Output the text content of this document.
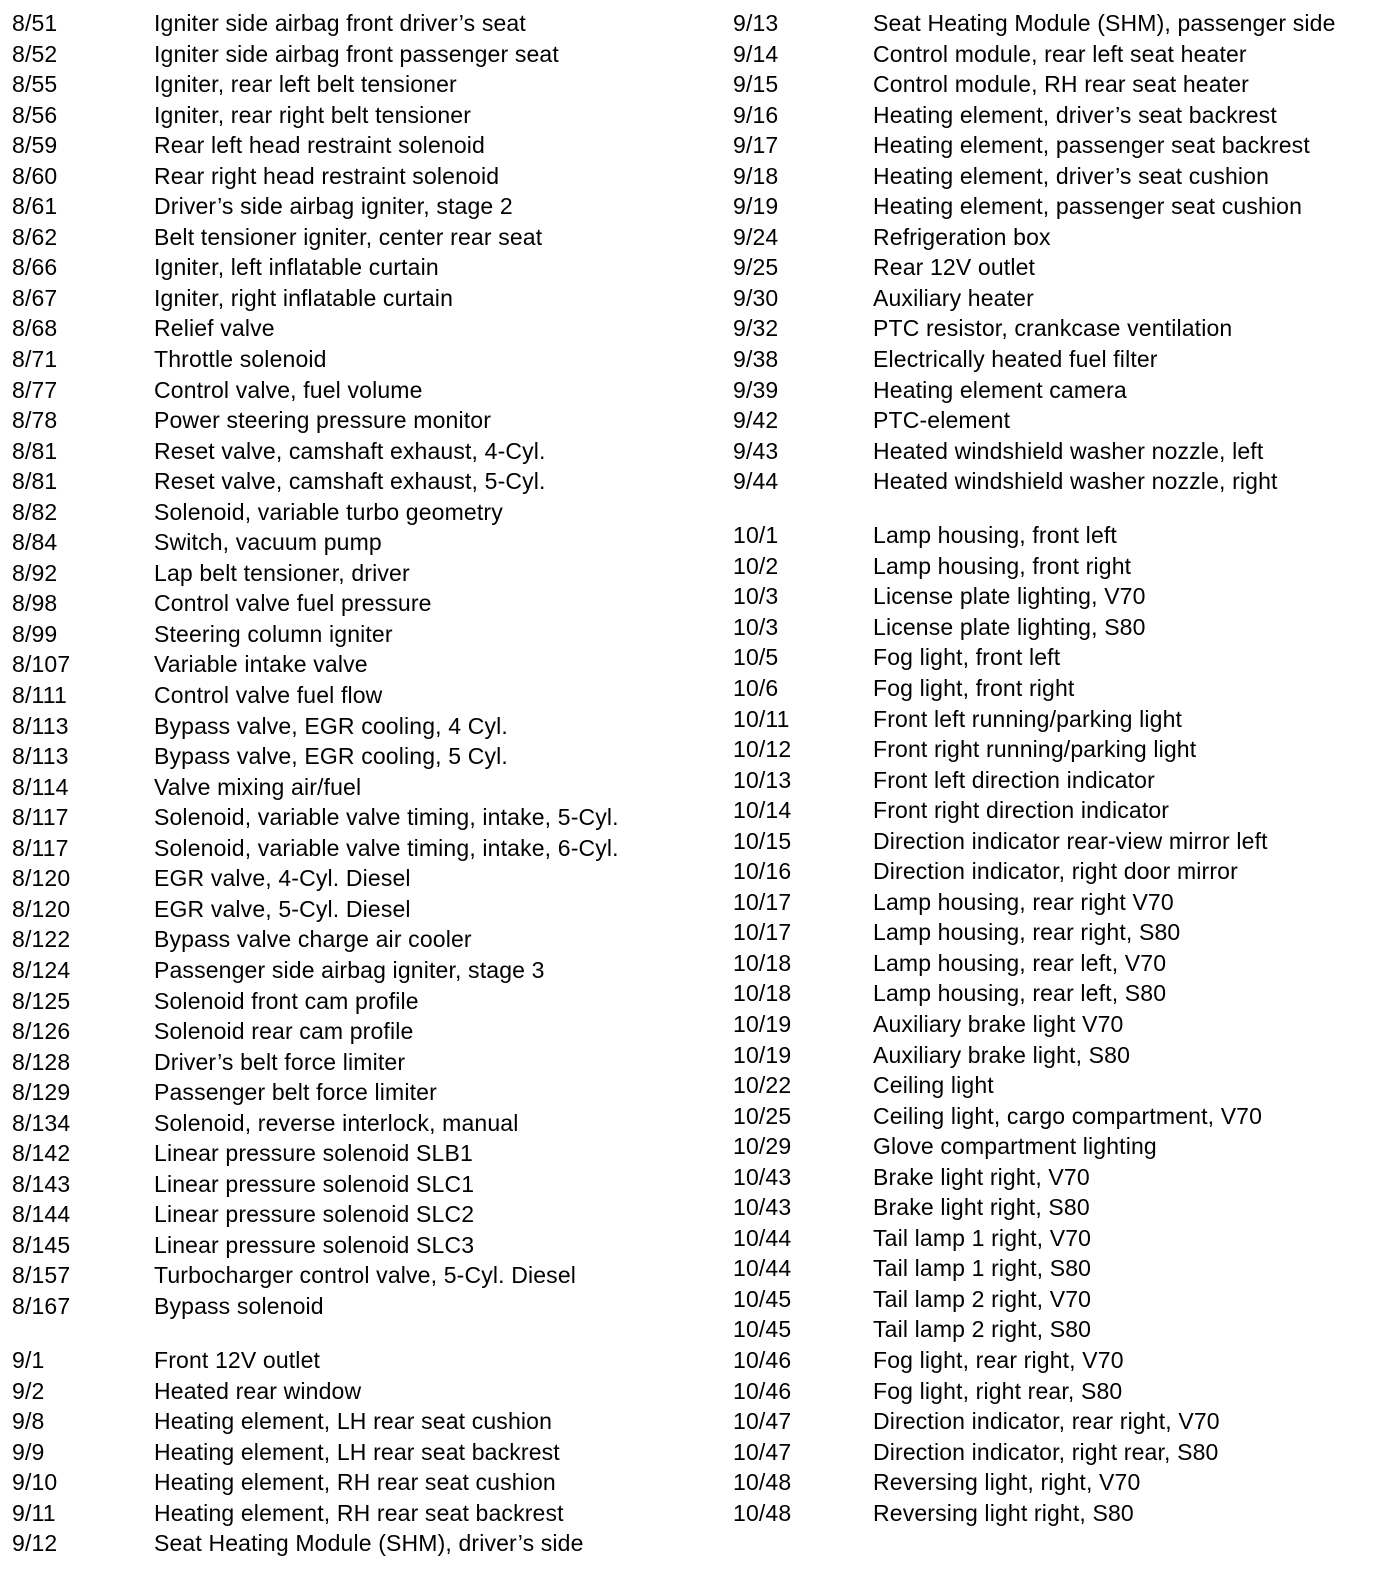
8/51	Igniter side airbag front driver’s seat
8/52	Igniter side airbag front passenger seat
8/55	Igniter, rear left belt tensioner
8/56	Igniter, rear right belt tensioner
8/59	Rear left head restraint solenoid
8/60	Rear right head restraint solenoid
8/61	Driver’s side airbag igniter, stage 2
8/62	Belt tensioner igniter, center rear seat
8/66	Igniter, left inflatable curtain
8/67	Igniter, right inflatable curtain
8/68	Relief valve
8/71	Throttle solenoid
8/77	Control valve, fuel volume
8/78	Power steering pressure monitor
8/81	Reset valve, camshaft exhaust, 4-Cyl.
8/81	Reset valve, camshaft exhaust, 5-Cyl.
8/82	Solenoid, variable turbo geometry
8/84	Switch, vacuum pump
8/92	Lap belt tensioner, driver
8/98	Control valve fuel pressure
8/99	Steering column igniter
8/107	Variable intake valve
8/111	Control valve fuel flow
8/113	Bypass valve, EGR cooling, 4 Cyl.
8/113	Bypass valve, EGR cooling, 5 Cyl.
8/114	Valve mixing air/fuel
8/117	Solenoid, variable valve timing, intake, 5-Cyl.
8/117	Solenoid, variable valve timing, intake, 6-Cyl.
8/120	EGR valve, 4-Cyl. Diesel
8/120	EGR valve, 5-Cyl. Diesel
8/122	Bypass valve charge air cooler
8/124	Passenger side airbag igniter, stage 3
8/125	Solenoid front cam profile
8/126	Solenoid rear cam profile
8/128	Driver’s belt force limiter
8/129	Passenger belt force limiter
8/134	Solenoid, reverse interlock, manual
8/142	Linear pressure solenoid SLB1
8/143	Linear pressure solenoid SLC1
8/144	Linear pressure solenoid SLC2
8/145	Linear pressure solenoid SLC3
8/157	Turbocharger control valve, 5-Cyl. Diesel
8/167	Bypass solenoid
9/1	Front 12V outlet
9/2	Heated rear window
9/8	Heating element, LH rear seat cushion
9/9	Heating element, LH rear seat backrest
9/10	Heating element, RH rear seat cushion
9/11	Heating element, RH rear seat backrest
9/12	Seat Heating Module (SHM), driver’s side
9/13	Seat Heating Module (SHM), passenger side
9/14	Control module, rear left seat heater
9/15	Control module, RH rear seat heater
9/16	Heating element, driver’s seat backrest
9/17	Heating element, passenger seat backrest
9/18	Heating element, driver’s seat cushion
9/19	Heating element, passenger seat cushion
9/24	Refrigeration box
9/25	Rear 12V outlet
9/30	Auxiliary heater
9/32	PTC resistor, crankcase ventilation
9/38	Electrically heated fuel filter
9/39	Heating element camera
9/42	PTC-element
9/43	Heated windshield washer nozzle, left
9/44	Heated windshield washer nozzle, right
10/1	Lamp housing, front left
10/2	Lamp housing, front right
10/3	License plate lighting, V70
10/3	License plate lighting, S80
10/5	Fog light, front left
10/6	Fog light, front right
10/11	Front left running/parking light
10/12	Front right running/parking light
10/13	Front left direction indicator
10/14	Front right direction indicator
10/15	Direction indicator rear-view mirror left
10/16	Direction indicator, right door mirror
10/17	Lamp housing, rear right V70
10/17	Lamp housing, rear right, S80
10/18	Lamp housing, rear left, V70
10/18	Lamp housing, rear left, S80
10/19	Auxiliary brake light V70
10/19	Auxiliary brake light, S80
10/22	Ceiling light
10/25	Ceiling light, cargo compartment, V70
10/29	Glove compartment lighting
10/43	Brake light right, V70
10/43	Brake light right, S80
10/44	Tail lamp 1 right, V70
10/44	Tail lamp 1 right, S80
10/45	Tail lamp 2 right, V70
10/45	Tail lamp 2 right, S80
10/46	Fog light, rear right, V70
10/46	Fog light, right rear, S80
10/47	Direction indicator, rear right, V70
10/47	Direction indicator, right rear, S80
10/48	Reversing light, right, V70
10/48	Reversing light right, S80
